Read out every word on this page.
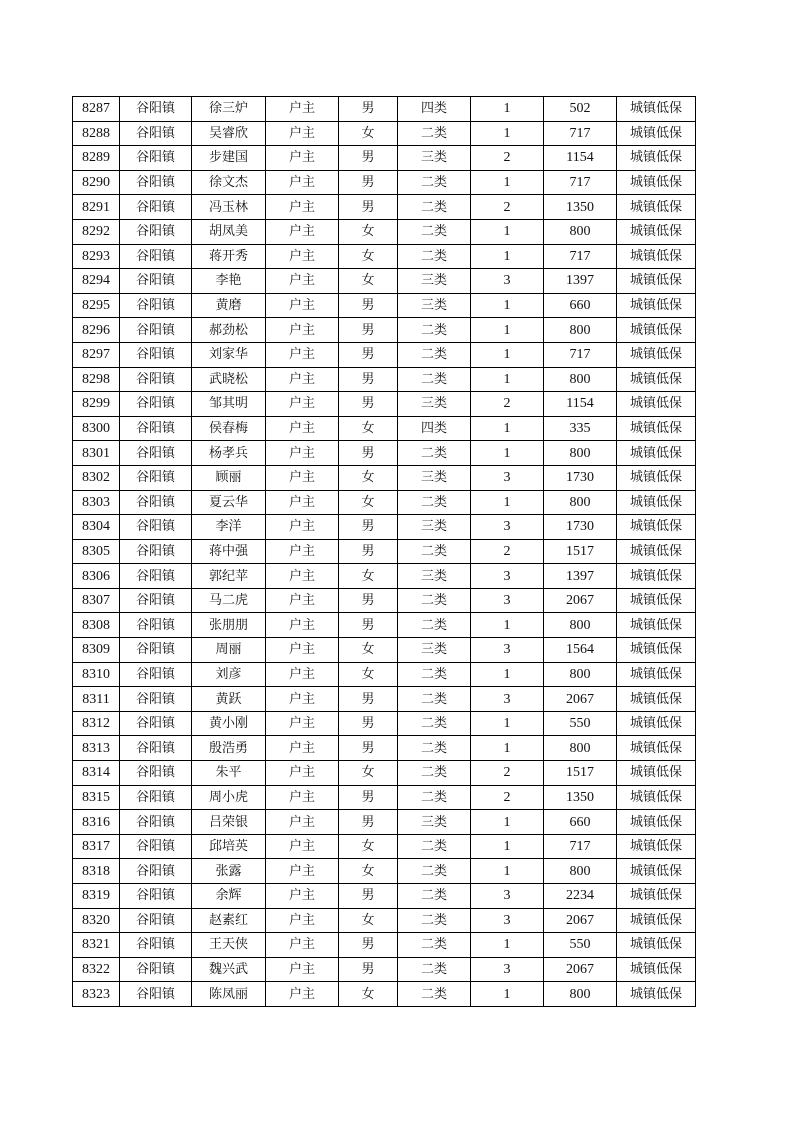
8287	谷阳镇	徐三炉	户主	男	四类	1	502	城镇低保
8288	谷阳镇	吴睿欣	户主	女	二类	1	717	城镇低保
8289	谷阳镇	步建国	户主	男	三类	2	1154	城镇低保
8290	谷阳镇	徐文杰	户主	男	二类	1	717	城镇低保
8291	谷阳镇	冯玉林	户主	男	二类	2	1350	城镇低保
8292	谷阳镇	胡凤美	户主	女	二类	1	800	城镇低保
8293	谷阳镇	蒋开秀	户主	女	二类	1	717	城镇低保
8294	谷阳镇	李艳	户主	女	三类	3	1397	城镇低保
8295	谷阳镇	黄磨	户主	男	三类	1	660	城镇低保
8296	谷阳镇	郝劲松	户主	男	二类	1	800	城镇低保
8297	谷阳镇	刘家华	户主	男	二类	1	717	城镇低保
8298	谷阳镇	武晓松	户主	男	二类	1	800	城镇低保
8299	谷阳镇	邹其明	户主	男	三类	2	1154	城镇低保
8300	谷阳镇	侯春梅	户主	女	四类	1	335	城镇低保
8301	谷阳镇	杨孝兵	户主	男	二类	1	800	城镇低保
8302	谷阳镇	顾丽	户主	女	三类	3	1730	城镇低保
8303	谷阳镇	夏云华	户主	女	二类	1	800	城镇低保
8304	谷阳镇	李洋	户主	男	三类	3	1730	城镇低保
8305	谷阳镇	蒋中强	户主	男	二类	2	1517	城镇低保
8306	谷阳镇	郭纪苹	户主	女	三类	3	1397	城镇低保
8307	谷阳镇	马二虎	户主	男	二类	3	2067	城镇低保
8308	谷阳镇	张朋朋	户主	男	二类	1	800	城镇低保
8309	谷阳镇	周丽	户主	女	三类	3	1564	城镇低保
8310	谷阳镇	刘彦	户主	女	二类	1	800	城镇低保
8311	谷阳镇	黄跃	户主	男	二类	3	2067	城镇低保
8312	谷阳镇	黄小刚	户主	男	二类	1	550	城镇低保
8313	谷阳镇	殷浩勇	户主	男	二类	1	800	城镇低保
8314	谷阳镇	朱平	户主	女	二类	2	1517	城镇低保
8315	谷阳镇	周小虎	户主	男	二类	2	1350	城镇低保
8316	谷阳镇	吕荣银	户主	男	三类	1	660	城镇低保
8317	谷阳镇	邱培英	户主	女	二类	1	717	城镇低保
8318	谷阳镇	张露	户主	女	二类	1	800	城镇低保
8319	谷阳镇	余辉	户主	男	二类	3	2234	城镇低保
8320	谷阳镇	赵素红	户主	女	二类	3	2067	城镇低保
8321	谷阳镇	王天侠	户主	男	二类	1	550	城镇低保
8322	谷阳镇	魏兴武	户主	男	二类	3	2067	城镇低保
8323	谷阳镇	陈凤丽	户主	女	二类	1	800	城镇低保
